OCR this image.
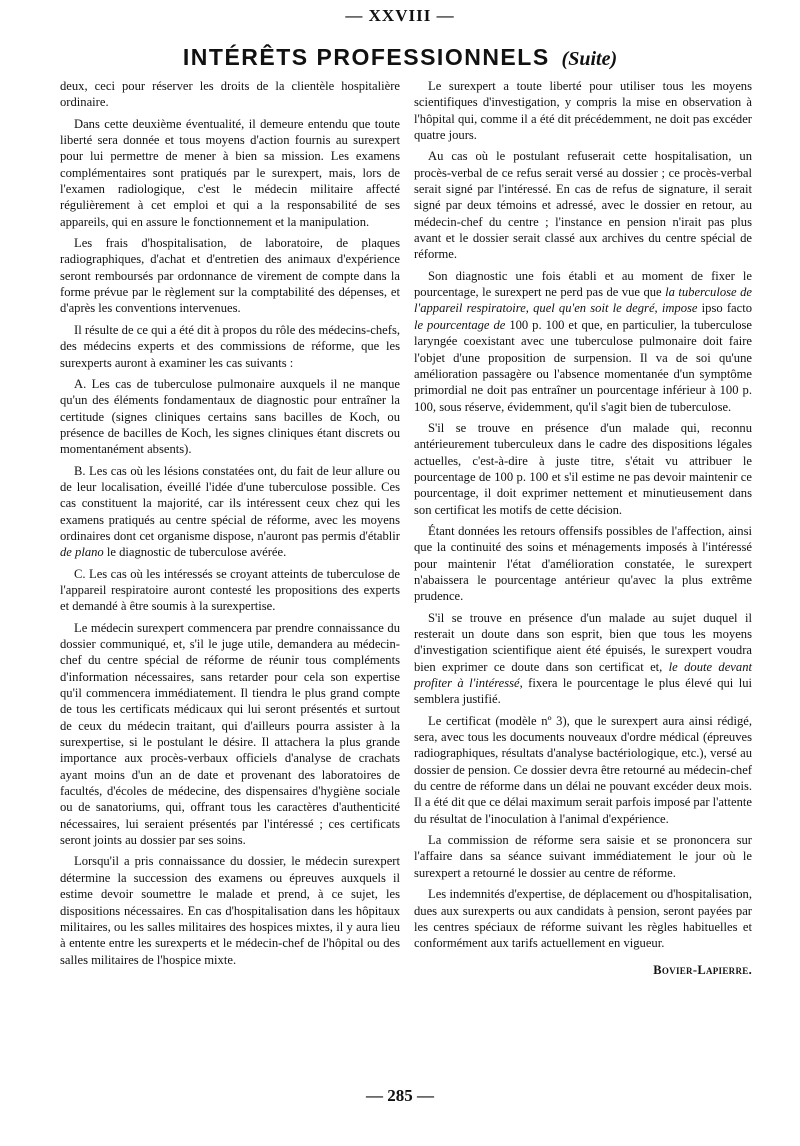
— XXVIII —
INTÉRÊTS PROFESSIONNELS (Suite)

deux, ceci pour réserver les droits de la clientèle hospitalière ordinaire.

Dans cette deuxième éventualité, il demeure entendu que toute liberté sera donnée et tous moyens d'action fournis au surexpert pour lui permettre de mener à bien sa mission. Les examens complémentaires sont pratiqués par le surexpert, mais, lors de l'examen radiologique, c'est le médecin militaire affecté régulièrement à cet emploi et qui a la responsabilité de ses appareils, qui en assure le fonctionnement et la manipulation.

Les frais d'hospitalisation, de laboratoire, de plaques radiographiques, d'achat et d'entretien des animaux d'expérience seront remboursés par ordonnance de virement de compte dans la forme prévue par le règlement sur la comptabilité des dépenses, et d'après les conventions intervenues.

Il résulte de ce qui a été dit à propos du rôle des médecins-chefs, des médecins experts et des commissions de réforme, que les surexperts auront à examiner les cas suivants :

A. Les cas de tuberculose pulmonaire auxquels il ne manque qu'un des éléments fondamentaux de diagnostic pour entraîner la certitude (signes cliniques certains sans bacilles de Koch, ou présence de bacilles de Koch, les signes cliniques étant discrets ou momentanément absents).

B. Les cas où les lésions constatées ont, du fait de leur allure ou de leur localisation, éveillé l'idée d'une tuberculose possible. Ces cas constituent la majorité, car ils intéressent ceux chez qui les examens pratiqués au centre spécial de réforme, avec les moyens ordinaires dont cet organisme dispose, n'auront pas permis d'établir de plano le diagnostic de tuberculose avérée.

C. Les cas où les intéressés se croyant atteints de tuberculose de l'appareil respiratoire auront contesté les propositions des experts et demandé à être soumis à la surexpertise.

Le médecin surexpert commencera par prendre connaissance du dossier communiqué, et, s'il le juge utile, demandera au médecin-chef du centre spécial de réforme de réunir tous compléments d'information nécessaires, sans retarder pour cela son expertise qu'il commencera immédiatement. Il tiendra le plus grand compte de tous les certificats médicaux qui lui seront présentés et surtout de ceux du médecin traitant, qui d'ailleurs pourra assister à la surexpertise, si le postulant le désire. Il attachera la plus grande importance aux procès-verbaux officiels d'analyse de crachats ayant moins d'un an de date et provenant des laboratoires de facultés, d'écoles de médecine, des dispensaires d'hygiène sociale ou de sanatoriums, qui, offrant tous les caractères d'authenticité nécessaires, lui seraient présentés par l'intéressé ; ces certificats seront joints au dossier par ses soins.

Lorsqu'il a pris connaissance du dossier, le médecin surexpert détermine la succession des examens ou épreuves auxquels il estime devoir soumettre le malade et prend, à ce sujet, les dispositions nécessaires. En cas d'hospitalisation dans les hôpitaux militaires, ou les salles militaires des hospices mixtes, il y aura lieu à entente entre les surexperts et le médecin-chef de l'hôpital ou des salles militaires de l'hospice mixte.

Le surexpert a toute liberté pour utiliser tous les moyens scientifiques d'investigation, y compris la mise en observation à l'hôpital qui, comme il a été dit précédemment, ne doit pas excéder quatre jours.

Au cas où le postulant refuserait cette hospitalisation, un procès-verbal de ce refus serait versé au dossier ; ce procès-verbal serait signé par l'intéressé. En cas de refus de signature, il serait signé par deux témoins et adressé, avec le dossier en retour, au médecin-chef du centre ; l'instance en pension n'irait pas plus avant et le dossier serait classé aux archives du centre spécial de réforme.

Son diagnostic une fois établi et au moment de fixer le pourcentage, le surexpert ne perd pas de vue que la tuberculose de l'appareil respiratoire, quel qu'en soit le degré, impose ipso facto le pourcentage de 100 p. 100 et que, en particulier, la tuberculose laryngée coexistant avec une tuberculose pulmonaire doit faire l'objet d'une proposition de surpension. Il va de soi qu'une amélioration passagère ou l'absence momentanée d'un symptôme primordial ne doit pas entraîner un pourcentage inférieur à 100 p. 100, sous réserve, évidemment, qu'il s'agit bien de tuberculose.

S'il se trouve en présence d'un malade qui, reconnu antérieurement tuberculeux dans le cadre des dispositions légales actuelles, c'est-à-dire à juste titre, s'était vu attribuer le pourcentage de 100 p. 100 et s'il estime ne pas devoir maintenir ce pourcentage, il doit exprimer nettement et minutieusement dans son certificat les motifs de cette décision.

Étant données les retours offensifs possibles de l'affection, ainsi que la continuité des soins et ménagements imposés à l'intéressé pour maintenir l'état d'amélioration constatée, le surexpert n'abaissera le pourcentage antérieur qu'avec la plus extrême prudence.

S'il se trouve en présence d'un malade au sujet duquel il resterait un doute dans son esprit, bien que tous les moyens d'investigation scientifique aient été épuisés, le surexpert voudra bien exprimer ce doute dans son certificat et, le doute devant profiter à l'intéressé, fixera le pourcentage le plus élevé qui lui semblera justifié.

Le certificat (modèle nº 3), que le surexpert aura ainsi rédigé, sera, avec tous les documents nouveaux d'ordre médical (épreuves radiographiques, résultats d'analyse bactériologique, etc.), versé au dossier de pension. Ce dossier devra être retourné au médecin-chef du centre de réforme dans un délai ne pouvant excéder deux mois. Il a été dit que ce délai maximum serait parfois imposé par l'attente du résultat de l'inoculation à l'animal d'expérience.

La commission de réforme sera saisie et se prononcera sur l'affaire dans sa séance suivant immédiatement le jour où le surexpert a retourné le dossier au centre de réforme.

Les indemnités d'expertise, de déplacement ou d'hospitalisation, dues aux surexperts ou aux candidats à pension, seront payées par les centres spéciaux de réforme suivant les règles habituelles et conformément aux tarifs actuellement en vigueur.

Bovier-Lapierre.
— 285 —
